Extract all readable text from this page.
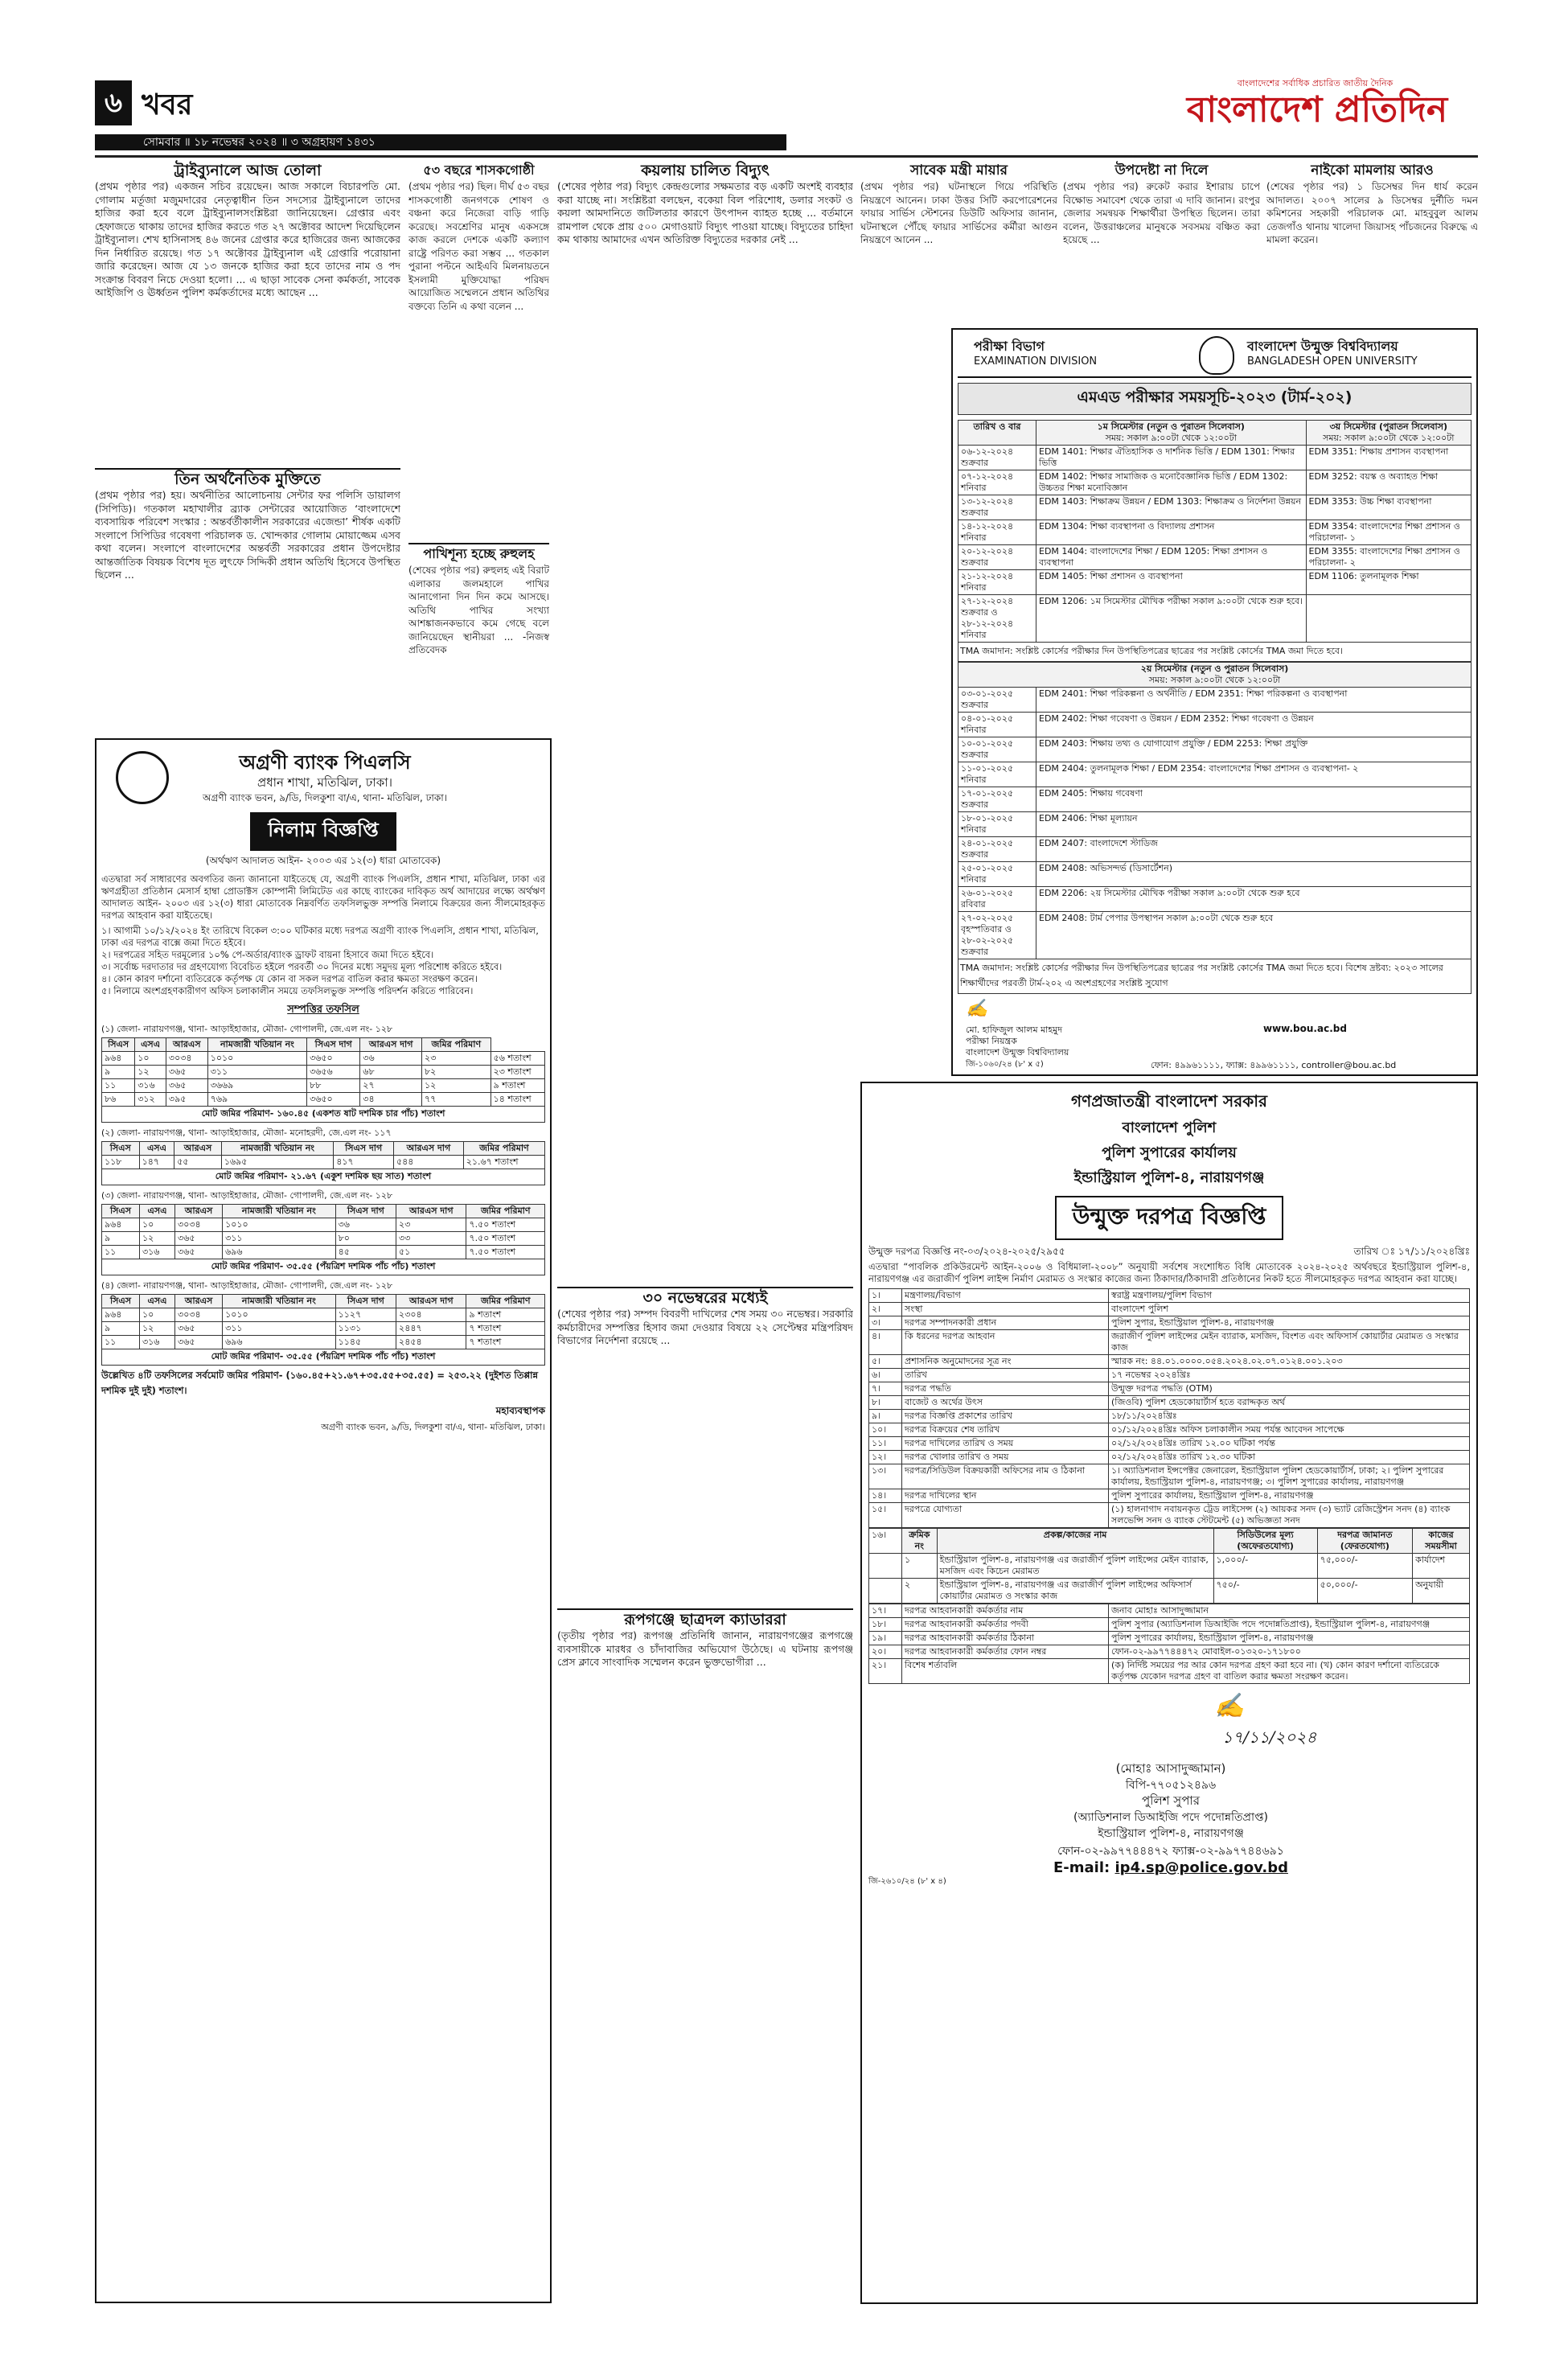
৬ খবর
সোমবার ॥ ১৮ নভেম্বর ২০২৪ ॥ ৩ অগ্রহায়ণ ১৪৩১
বাংলাদেশের সর্বাধিক প্রচারিত জাতীয় দৈনিক
বাংলাদেশ প্রতিদিন
ট্রাইব্যুনালে আজ তোলা
(প্রথম পৃষ্ঠার পর) একজন সচিব রয়েছেন। আজ সকালে বিচারপতি মো. গোলাম মর্তূজা মজুমদারের নেতৃত্বাধীন তিন সদস্যের ট্রাইব্যুনালে তাদের হাজির করা হবে বলে ট্রাইব্যুনালসংশ্লিষ্টরা জানিয়েছেন। গ্রেপ্তার এবং হেফাজতে থাকায় তাদের হাজির করতে গত ২৭ অক্টোবর আদেশ দিয়েছিলেন ট্রাইব্যুনাল। শেখ হাসিনাসহ ৪৬ জনের গ্রেপ্তার করে হাজিরের জন্য আজকের দিন নির্ধারিত রয়েছে। গত ১৭ অক্টোবর ট্রাইব্যুনাল এই গ্রেপ্তারি পরোয়ানা জারি করেছেন। আজ যে ১৩ জনকে হাজির করা হবে তাদের নাম ও পদ সংক্রান্ত বিবরণ নিচে দেওয়া হলো। ... এ ছাড়া সাবেক সেনা কর্মকর্তা, সাবেক আইজিপি ও ঊর্ধ্বতন পুলিশ কর্মকর্তাদের মধ্যে আছেন ...
তিন অর্থনৈতিক মুক্তিতে
(প্রথম পৃষ্ঠার পর) হয়। অর্থনীতির আলোচনায় সেন্টার ফর পলিসি ডায়ালগ (সিপিডি)। গতকাল মহাখালীর ব্র্যাক সেন্টারের আয়োজিত ‘বাংলাদেশে ব্যবসায়িক পরিবেশ সংস্কার : অন্তর্বর্তীকালীন সরকারের এজেন্ডা’ শীর্ষক একটি সংলাপে সিপিডির গবেষণা পরিচালক ড. খোন্দকার গোলাম মোয়াজ্জেম এসব কথা বলেন। সংলাপে বাংলাদেশের অন্তর্বর্তী সরকারের প্রধান উপদেষ্টার আন্তর্জাতিক বিষয়ক বিশেষ দূত লুৎফে সিদ্দিকী প্রধান অতিথি হিসেবে উপস্থিত ছিলেন ...
৫৩ বছরে শাসকগোষ্ঠী
(প্রথম পৃষ্ঠার পর) ছিল। দীর্ঘ ৫৩ বছর শাসকগোষ্ঠী জনগণকে শোষণ ও বঞ্চনা করে নিজেরা বাড়ি গাড়ি করেছে। সবশ্রেণির মানুষ একসঙ্গে কাজ করলে দেশকে একটি কল্যাণ রাষ্ট্রে পরিণত করা সম্ভব ... গতকাল পুরানা পল্টনে আইএবি মিলনায়তনে ইসলামী মুক্তিযোদ্ধা পরিষদ আয়োজিত সম্মেলনে প্রধান অতিথির বক্তব্যে তিনি এ কথা বলেন ...
পাখিশূন্য হচ্ছে রুহুলহ
(শেষের পৃষ্ঠার পর) রুহুলহ এই বিরাট এলাকার জলমহালে পাখির আনাগোনা দিন দিন কমে আসছে। অতিথি পাখির সংখ্যা আশঙ্কাজনকভাবে কমে গেছে বলে জানিয়েছেন স্থানীয়রা ... ‑নিজস্ব প্রতিবেদক
কয়লায় চালিত বিদ্যুৎ
(শেষের পৃষ্ঠার পর) বিদ্যুৎ কেন্দ্রগুলোর সক্ষমতার বড় একটি অংশই ব্যবহার করা যাচ্ছে না। সংশ্লিষ্টরা বলছেন, বকেয়া বিল পরিশোধ, ডলার সংকট ও কয়লা আমদানিতে জটিলতার কারণে উৎপাদন ব্যাহত হচ্ছে ... বর্তমানে রামপাল থেকে প্রায় ৫০০ মেগাওয়াট বিদ্যুৎ পাওয়া যাচ্ছে। বিদ্যুতের চাহিদা কম থাকায় আমাদের এখন অতিরিক্ত বিদ্যুতের দরকার নেই ...
সাবেক মন্ত্রী মায়ার
(প্রথম পৃষ্ঠার পর) ঘটনাস্থলে গিয়ে পরিস্থিতি নিয়ন্ত্রণে আনেন। ঢাকা উত্তর সিটি করপোরেশনের ফায়ার সার্ভিস স্টেশনের ডিউটি অফিসার জানান, ঘটনাস্থলে পৌঁছে ফায়ার সার্ভিসের কর্মীরা আগুন নিয়ন্ত্রণে আনেন ...
উপদেষ্টা না দিলে
(প্রথম পৃষ্ঠার পর) রুকেট করার ইশারায় চাপে বিক্ষোভ সমাবেশ থেকে তারা এ দাবি জানান। রংপুর জেলার সমন্বয়ক শিক্ষার্থীরা উপস্থিত ছিলেন। তারা বলেন, উত্তরাঞ্চলের মানুষকে সবসময় বঞ্চিত করা হয়েছে ...
নাইকো মামলায় আরও
(শেষের পৃষ্ঠার পর) ১ ডিসেম্বর দিন ধার্য করেন আদালত। ২০০৭ সালের ৯ ডিসেম্বর দুর্নীতি দমন কমিশনের সহকারী পরিচালক মো. মাহবুবুল আলম তেজগাঁও থানায় খালেদা জিয়াসহ পাঁচজনের বিরুদ্ধে এ মামলা করেন।
পরীক্ষা বিভাগ
EXAMINATION DIVISION
বাংলাদেশ উন্মুক্ত বিশ্ববিদ্যালয়
BANGLADESH OPEN UNIVERSITY
এমএড পরীক্ষার সময়সূচি-২০২৩ (টার্ম-২০২)
তারিখ ও বার	১ম সিমেস্টার (নতুন ও পুরাতন সিলেবাস)
সময়: সকাল ৯:০০টা থেকে ১২:০০টা	৩য় সিমেস্টার (পুরাতন সিলেবাস)
সময়: সকাল ৯:০০টা থেকে ১২:০০টা
০৬-১২-২০২৪ শুক্রবার	EDM 1401: শিক্ষার ঐতিহাসিক ও দার্শনিক ভিত্তি / EDM 1301: শিক্ষার ভিত্তি	EDM 3351: শিক্ষায় প্রশাসন ব্যবস্থাপনা
০৭-১২-২০২৪ শনিবার	EDM 1402: শিক্ষার সামাজিক ও মনোবৈজ্ঞানিক ভিত্তি / EDM 1302: উচ্চতর শিক্ষা মনোবিজ্ঞান	EDM 3252: বয়স্ক ও অব্যাহত শিক্ষা
১৩-১২-২০২৪ শুক্রবার	EDM 1403: শিক্ষাক্রম উন্নয়ন / EDM 1303: শিক্ষাক্রম ও নির্দেশনা উন্নয়ন	EDM 3353: উচ্চ শিক্ষা ব্যবস্থাপনা
১৪-১২-২০২৪ শনিবার	EDM 1304: শিক্ষা ব্যবস্থাপনা ও বিদ্যালয় প্রশাসন	EDM 3354: বাংলাদেশের শিক্ষা প্রশাসন ও পরিচালনা- ১
২০-১২-২০২৪ শুক্রবার	EDM 1404: বাংলাদেশের শিক্ষা / EDM 1205: শিক্ষা প্রশাসন ও ব্যবস্থাপনা	EDM 3355: বাংলাদেশের শিক্ষা প্রশাসন ও পরিচালনা- ২
২১-১২-২০২৪ শনিবার	EDM 1405: শিক্ষা প্রশাসন ও ব্যবস্থাপনা	EDM 1106: তুলনামূলক শিক্ষা
২৭-১২-২০২৪ শুক্রবার ও ২৮-১২-২০২৪ শনিবার	EDM 1206: ১ম সিমেস্টার মৌখিক পরীক্ষা সকাল ৯:০০টা থেকে শুরু হবে।	
TMA জমাদান: সংশ্লিষ্ট কোর্সের পরীক্ষার দিন উপস্থিতিপত্রের ছাত্রের পর সংশ্লিষ্ট কোর্সের TMA জমা দিতে হবে।
২য় সিমেস্টার (নতুন ও পুরাতন সিলেবাস)
সময়: সকাল ৯:০০টা থেকে ১২:০০টা	
০৩-০১-২০২৫ শুক্রবার	EDM 2401: শিক্ষা পরিকল্পনা ও অর্থনীতি / EDM 2351: শিক্ষা পরিকল্পনা ও ব্যবস্থাপনা
০৪-০১-২০২৫ শনিবার	EDM 2402: শিক্ষা গবেষণা ও উন্নয়ন / EDM 2352: শিক্ষা গবেষণা ও উন্নয়ন
১০-০১-২০২৫ শুক্রবার	EDM 2403: শিক্ষায় তথ্য ও যোগাযোগ প্রযুক্তি / EDM 2253: শিক্ষা প্রযুক্তি
১১-০১-২০২৫ শনিবার	EDM 2404: তুলনামূলক শিক্ষা / EDM 2354: বাংলাদেশের শিক্ষা প্রশাসন ও ব্যবস্থাপনা- ২
১৭-০১-২০২৫ শুক্রবার	EDM 2405: শিক্ষায় গবেষণা
১৮-০১-২০২৫ শনিবার	EDM 2406: শিক্ষা মূল্যায়ন
২৪-০১-২০২৫ শুক্রবার	EDM 2407: বাংলাদেশে স্টাডিজ
২৫-০১-২০২৫ শনিবার	EDM 2408: অভিসন্দর্ভ (ডিসার্টেশন)
২৬-০১-২০২৫ রবিবার	EDM 2206: ২য় সিমেস্টার মৌখিক পরীক্ষা সকাল ৯:০০টা থেকে শুরু হবে
২৭-০২-২০২৫ বৃহস্পতিবার ও ২৮-০২-২০২৫ শুক্রবার	EDM 2408: টার্ম পেপার উপস্থাপন সকাল ৯:০০টা থেকে শুরু হবে
TMA জমাদান: সংশ্লিষ্ট কোর্সের পরীক্ষার দিন উপস্থিতিপত্রের ছাত্রের পর সংশ্লিষ্ট কোর্সের TMA জমা দিতে হবে। বিশেষ দ্রষ্টব্য: ২০২৩ সালের শিক্ষার্থীদের পরবর্তী টার্ম-২০২ এ অংশগ্রহণের সংশ্লিষ্ট সুযোগ
✍
মো. হাফিজুল আলম মাহমুদ
পরীক্ষা নিয়ন্ত্রক
বাংলাদেশ উন্মুক্ত বিশ্ববিদ্যালয়
www.bou.ac.bd
ফোন: ৪৯৯৬১১১১, ফ্যাক্স: ৪৯৯৬১১১১, controller@bou.ac.bd
জি-১০৬০/২৪ (৮' x ৫)
অগ্রণী ব্যাংক পিএলসি
প্রধান শাখা, মতিঝিল, ঢাকা।
অগ্রণী ব্যাংক ভবন, ৯/ডি, দিলকুশা বা/এ, থানা- মতিঝিল, ঢাকা।
নিলাম বিজ্ঞপ্তি
(অর্থঋণ আদালত আইন- ২০০৩ এর ১২(৩) ধারা মোতাবেক)
এতদ্বারা সর্ব সাধারণের অবগতির জন্য জানানো যাইতেছে যে, অগ্রণী ব্যাংক পিএলসি, প্রধান শাখা, মতিঝিল, ঢাকা এর ঋণগ্রহীতা প্রতিষ্ঠান মেসার্স হাম্বা প্রোডাক্টস কোম্পানী লিমিটেড এর কাছে ব্যাংকের দাবিকৃত অর্থ আদায়ের লক্ষ্যে অর্থঋণ আদালত আইন- ২০০৩ এর ১২(৩) ধারা মোতাবেক নিম্নবর্ণিত তফসিলভুক্ত সম্পত্তি নিলামে বিক্রয়ের জন্য সীলমোহরকৃত দরপত্র আহবান করা যাইতেছে।
১। আগামী ১০/১২/২০২৪ ইং তারিখে বিকেল ৩:০০ ঘটিকার মধ্যে দরপত্র অগ্রণী ব্যাংক পিএলসি, প্রধান শাখা, মতিঝিল, ঢাকা এর দরপত্র বাক্সে জমা দিতে হইবে।
২। দরপত্রের সহিত দরমূল্যের ১০% পে-অর্ডার/ব্যাংক ড্রাফট বায়না হিসাবে জমা দিতে হইবে।
৩। সর্বোচ্চ দরদাতার দর গ্রহণযোগ্য বিবেচিত হইলে পরবর্তী ৩০ দিনের মধ্যে সমুদয় মূল্য পরিশোধ করিতে হইবে।
৪। কোন কারণ দর্শানো ব্যতিরেকে কর্তৃপক্ষ যে কোন বা সকল দরপত্র বাতিল করার ক্ষমতা সংরক্ষণ করেন।
৫। নিলামে অংশগ্রহণকারীগণ অফিস চলাকালীন সময়ে তফসিলভুক্ত সম্পত্তি পরিদর্শন করিতে পারিবেন।
সম্পত্তির তফসিল
(১) জেলা- নারায়ণগঞ্জ, থানা- আড়াইহাজার, মৌজা- গোপালদী, জে.এল নং- ১২৮
সিএস	এসএ	আরএস	নামজারী খতিয়ান নং	সিএস দাগ	আরএস দাগ	জমির পরিমাণ	
৯৬৪	১০	৩০৩৪	১০১০	৩৬৫০	৩৬	২৩	৫৬ শতাংশ
৯	১২	৩৬৫	৩১১	৩৬৫৬	৬৮	৮২	২৩ শতাংশ
১১	৩১৬	৩৬৫	৩৬৬৯	৮৮	২৭	১২	৯ শতাংশ
৮৬	৩১২	৩৯৫	৭৬৯	৩৬৫০	৩৪	৭৭	১৪ শতাংশ
মোট জমির পরিমাণ- ১৬০.৪৫ (একশত ষাট দশমিক চার পাঁচ) শতাংশ
(২) জেলা- নারায়ণগঞ্জ, থানা- আড়াইহাজার, মৌজা- মনোহরদী, জে.এল নং- ১১৭
সিএস	এসএ	আরএস	নামজারী খতিয়ান নং	সিএস দাগ	আরএস দাগ	জমির পরিমাণ
১১৮	১৪৭	৫৫	১৬৯৫	৪১৭	৫৪৪	২১.৬৭ শতাংশ
মোট জমির পরিমাণ- ২১.৬৭ (একুশ দশমিক ছয় সাত) শতাংশ
(৩) জেলা- নারায়ণগঞ্জ, থানা- আড়াইহাজার, মৌজা- গোপালদী, জে.এল নং- ১২৮
সিএস	এসএ	আরএস	নামজারী খতিয়ান নং	সিএস দাগ	আরএস দাগ	জমির পরিমাণ
৯৬৪	১০	৩০৩৪	১০১০	৩৬	২৩	৭.৫০ শতাংশ
৯	১২	৩৬৫	৩১১	৮০	৩৩	৭.৫০ শতাংশ
১১	৩১৬	৩৬৫	৬৯৬	৪৫	৫১	৭.৫০ শতাংশ
মোট জমির পরিমাণ- ৩৫.৫৫ (পঁয়ত্রিশ দশমিক পাঁচ পাঁচ) শতাংশ
(৪) জেলা- নারায়ণগঞ্জ, থানা- আড়াইহাজার, মৌজা- গোপালদী, জে.এল নং- ১২৮
সিএস	এসএ	আরএস	নামজারী খতিয়ান নং	সিএস দাগ	আরএস দাগ	জমির পরিমাণ
৯৬৪	১০	৩০৩৪	১০১০	১১২৭	২৩০৪	৯ শতাংশ
৯	১২	৩৬৫	৩১১	১১৩১	২৪৪৭	৭ শতাংশ
১১	৩১৬	৩৬৫	৬৯৬	১১৪৫	২৪৫৪	৭ শতাংশ
মোট জমির পরিমাণ- ৩৫.৫৫ (পঁয়ত্রিশ দশমিক পাঁচ পাঁচ) শতাংশ
উল্লেখিত ৪টি তফসিলের সর্বমোট জমির পরিমাণ- (১৬০.৪৫+২১.৬৭+৩৫.৫৫+৩৫.৫৫) = ২৫৩.২২ (দুইশত তিপ্পান্ন দশমিক দুই দুই) শতাংশ।
মহাব্যবস্থাপক
অগ্রণী ব্যাংক ভবন, ৯/ডি, দিলকুশা বা/এ, থানা- মতিঝিল, ঢাকা।
৩০ নভেম্বরের মধ্যেই
(শেষের পৃষ্ঠার পর) সম্পদ বিবরণী দাখিলের শেষ সময় ৩০ নভেম্বর। সরকারি কর্মচারীদের সম্পত্তির হিসাব জমা দেওয়ার বিষয়ে ২২ সেপ্টেম্বর মন্ত্রিপরিষদ বিভাগের নির্দেশনা রয়েছে ...
রূপগঞ্জে ছাত্রদল ক্যাডাররা
(তৃতীয় পৃষ্ঠার পর) রূপগঞ্জ প্রতিনিধি জানান, নারায়ণগঞ্জের রূপগঞ্জে ব্যবসায়ীকে মারধর ও চাঁদাবাজির অভিযোগ উঠেছে। এ ঘটনায় রূপগঞ্জ প্রেস ক্লাবে সাংবাদিক সম্মেলন করেন ভুক্তভোগীরা ...
গণপ্রজাতন্ত্রী বাংলাদেশ সরকার
বাংলাদেশ পুলিশ
পুলিশ সুপারের কার্যালয়
ইন্ডাস্ট্রিয়াল পুলিশ-৪, নারায়ণগঞ্জ
উন্মুক্ত দরপত্র বিজ্ঞপ্তি
উন্মুক্ত দরপত্র বিজ্ঞপ্তি নং-০৩/২০২৪-২০২৫/২৯৫৫	তারিখ ঃ ১৭/১১/২০২৪খ্রিঃ
এতদ্বারা “পাবলিক প্রকিউরমেন্ট আইন-২০০৬ ও বিধিমালা-২০০৮” অনুযায়ী সর্বশেষ সংশোধিত বিধি মোতাবেক ২০২৪-২০২৫ অর্থবছরে ইন্ডাস্ট্রিয়াল পুলিশ-৪, নারায়ণগঞ্জ এর জরাজীর্ণ পুলিশ লাইন্স নির্মাণ মেরামত ও সংস্কার কাজের জন্য ঠিকাদার/ঠিকাদারী প্রতিষ্ঠানের নিকট হতে সীলমোহরকৃত দরপত্র আহবান করা যাচ্ছে।
১।	মন্ত্রণালয়/বিভাগ	স্বরাষ্ট্র মন্ত্রণালয়/পুলিশ বিভাগ
২।	সংস্থা	বাংলাদেশ পুলিশ
৩।	দরপত্র সম্পাদনকারী প্রধান	পুলিশ সুপার, ইন্ডাস্ট্রিয়াল পুলিশ-৪, নারায়ণগঞ্জ
৪।	কি ধরনের দরপত্র আহবান	জরাজীর্ণ পুলিশ লাইন্সের মেইন ব্যারাক, মসজিদ, বিংশত এবং অফিসার্স কোয়ার্টার মেরামত ও সংস্কার কাজ
৫।	প্রশাসনিক অনুমোদনের সূত্র নং	স্মারক নং: ৪৪.০১.০০০০.০৫৪.২০২৪.০২.০৭.০১২৪.০০১.২০৩
৬।	তারিখ	১৭ নভেম্বর ২০২৪খ্রিঃ
৭।	দরপত্র পদ্ধতি	উন্মুক্ত দরপত্র পদ্ধতি (OTM)
৮।	বাজেট ও অর্থের উৎস	(জিওবি) পুলিশ হেডকোয়ার্টার্স হতে বরাদ্দকৃত অর্থ
৯।	দরপত্র বিজ্ঞপ্তি প্রকাশের তারিখ	১৮/১১/২০২৪খ্রিঃ
১০।	দরপত্র বিক্রয়ের শেষ তারিখ	০১/১২/২০২৪খ্রিঃ অফিস চলাকালীন সময় পর্যন্ত আবেদন সাপেক্ষে
১১।	দরপত্র দাখিলের তারিখ ও সময়	০২/১২/২০২৪খ্রিঃ তারিখ ১২.০০ ঘটিকা পর্যন্ত
১২।	দরপত্র খোলার তারিখ ও সময়	০২/১২/২০২৪খ্রিঃ তারিখ ১২.৩০ ঘটিকা
১৩।	দরপত্র/সিডিউল বিক্রয়কারী অফিসের নাম ও ঠিকানা	১। অ্যাডিশনাল ইন্সপেক্টর জেনারেল, ইন্ডাস্ট্রিয়াল পুলিশ হেডকোয়ার্টার্স, ঢাকা; ২। পুলিশ সুপারের কার্যালয়, ইন্ডাস্ট্রিয়াল পুলিশ-৪, নারায়ণগঞ্জ; ৩। পুলিশ সুপারের কার্যালয়, নারায়ণগঞ্জ
১৪।	দরপত্র দাখিলের স্থান	পুলিশ সুপারের কার্যালয়, ইন্ডাস্ট্রিয়াল পুলিশ-৪, নারায়ণগঞ্জ
১৫।	দরপত্রে যোগ্যতা	(১) হালনাগাদ নবায়নকৃত ট্রেড লাইসেন্স (২) আয়কর সনদ (৩) ভ্যাট রেজিস্ট্রেশন সনদ (৪) ব্যাংক সলভেন্সি সনদ ও ব্যাংক স্টেটমেন্ট (৫) অভিজ্ঞতা সনদ
১৬।	ক্রমিক নং	প্রকল্প/কাজের নাম	সিডিউলের মূল্য (অফেরতযোগ্য)	দরপত্র জামানত (ফেরতযোগ্য)	কাজের সময়সীমা
	১	ইন্ডাস্ট্রিয়াল পুলিশ-৪, নারায়ণগঞ্জ এর জরাজীর্ণ পুলিশ লাইন্সের মেইন ব্যারাক, মসজিদ এবং কিচেন মেরামত	১,০০০/-	৭৫,০০০/-	কার্যাদেশ
	২	ইন্ডাস্ট্রিয়াল পুলিশ-৪, নারায়ণগঞ্জ এর জরাজীর্ণ পুলিশ লাইন্সের অফিসার্স কোয়ার্টার মেরামত ও সংস্কার কাজ	৭৫০/-	৫০,০০০/-	অনুযায়ী
১৭।	দরপত্র আহবানকারী কর্মকর্তার নাম	জনাব মোহাঃ আসাদুজ্জামান
১৮।	দরপত্র আহবানকারী কর্মকর্তার পদবী	পুলিশ সুপার (অ্যাডিশনাল ডিআইজি পদে পদোন্নতিপ্রাপ্ত), ইন্ডাস্ট্রিয়াল পুলিশ-৪, নারায়ণগঞ্জ
১৯।	দরপত্র আহবানকারী কর্মকর্তার ঠিকানা	পুলিশ সুপারের কার্যালয়, ইন্ডাস্ট্রিয়াল পুলিশ-৪, নারায়ণগঞ্জ
২০।	দরপত্র আহবানকারী কর্মকর্তার ফোন নম্বর	ফোন-০২-৯৯৭৭৪৪৪৭২ মোবাইল-০১৩২০-১৭১৮০০
২১।	বিশেষ শর্তাবলি	(ক) নির্দিষ্ট সময়ের পর আর কোন দরপত্র গ্রহণ করা হবে না। (খ) কোন কারণ দর্শানো ব্যতিরেকে কর্তৃপক্ষ যেকোন দরপত্র গ্রহণ বা বাতিল করার ক্ষমতা সংরক্ষণ করেন।
✍
১৭/১১/২০২৪
(মোহাঃ আসাদুজ্জামান)
বিপি-৭৭০৫১২৪৯৬
পুলিশ সুপার
(অ্যাডিশনাল ডিআইজি পদে পদোন্নতিপ্রাপ্ত)
ইন্ডাস্ট্রিয়াল পুলিশ-৪, নারায়ণগঞ্জ
ফোন-০২-৯৯৭৭৪৪৪৭২ ফ্যাক্স-০২-৯৯৭৭৪৪৬৯১
E-mail: ip4.sp@police.gov.bd
জি-২৬১০/২৪ (৮' x ৪)
